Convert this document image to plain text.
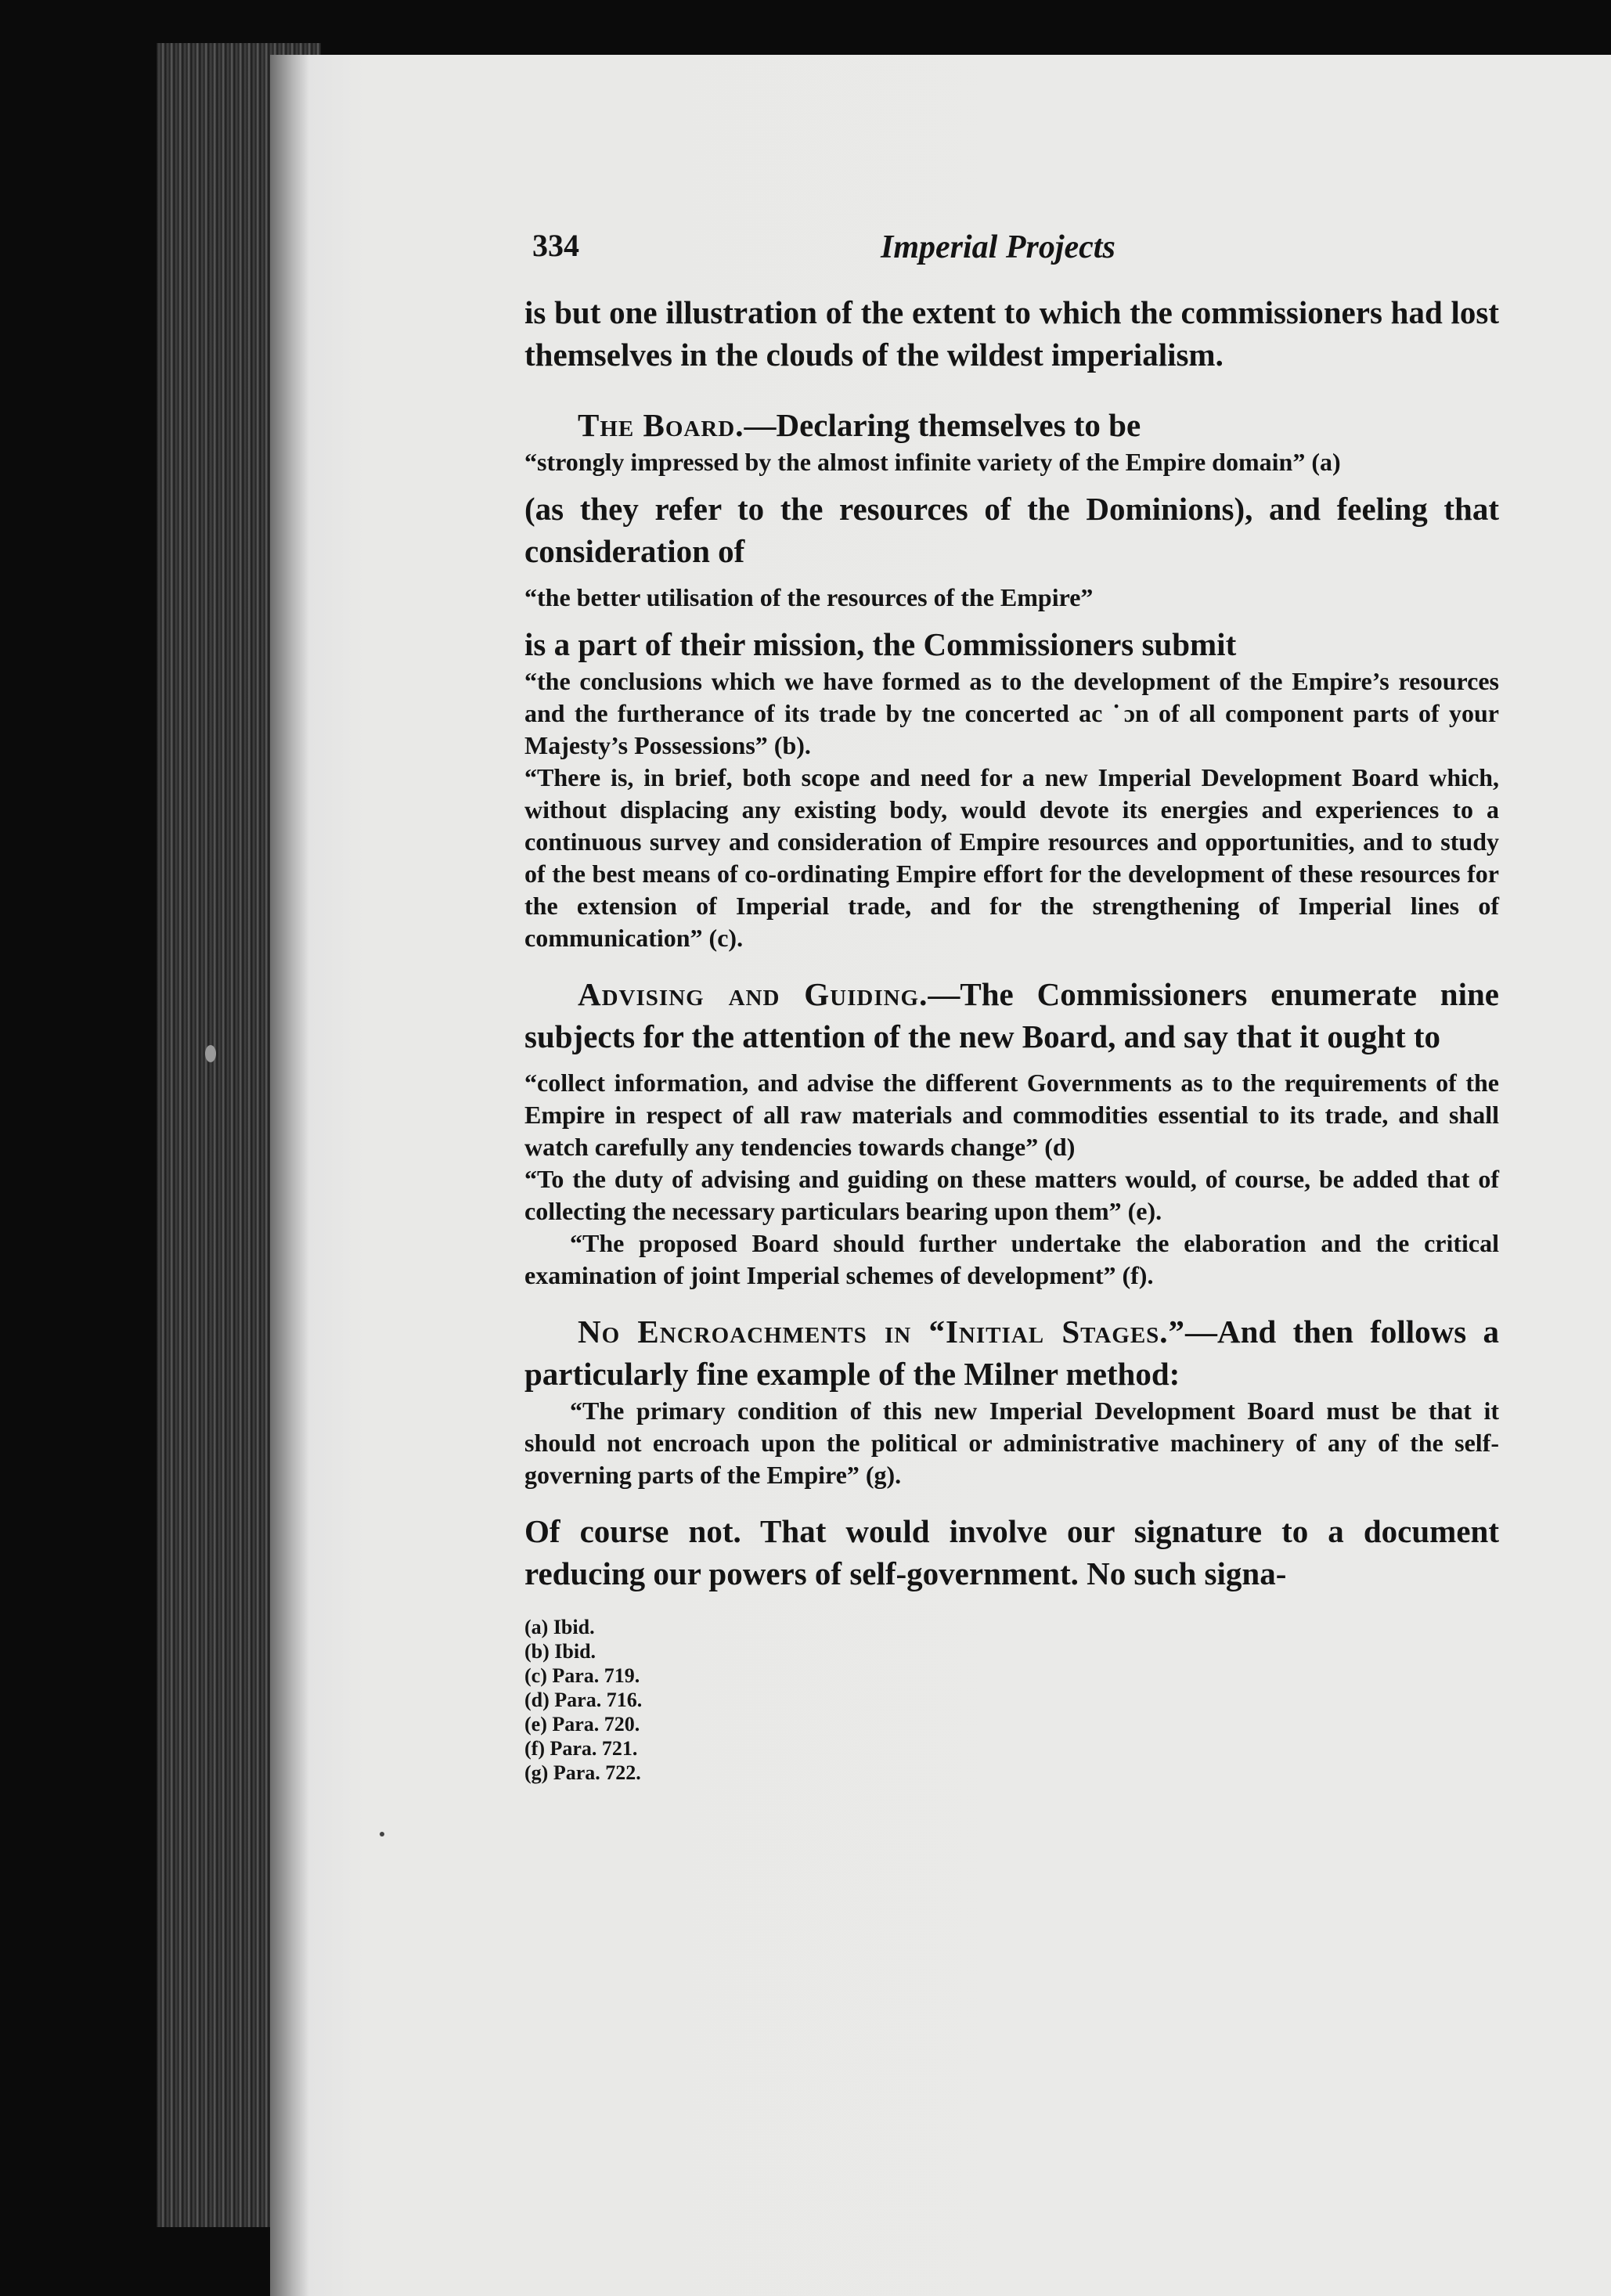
334	Imperial Projects

is but one illustration of the extent to which the commissioners had lost themselves in the clouds of the wildest imperialism.

The Board.—Declaring themselves to be

“strongly impressed by the almost infinite variety of the Empire domain” (a)

(as they refer to the resources of the Dominions), and feeling that consideration of

“the better utilisation of the resources of the Empire”

is a part of their mission, the Commissioners submit

“the conclusions which we have formed as to the development of the Empire’s resources and the furtherance of its trade by tne concerted ac ˙ɔn of all component parts of your Majesty’s Possessions” (b).

“There is, in brief, both scope and need for a new Imperial Development Board which, without displacing any existing body, would devote its energies and experiences to a continuous survey and consideration of Empire resources and opportunities, and to study of the best means of co-ordinating Empire effort for the development of these resources for the extension of Imperial trade, and for the strengthening of Imperial lines of communication” (c).

Advising and Guiding.—The Commissioners enumerate nine subjects for the attention of the new Board, and say that it ought to

“collect information, and advise the different Governments as to the requirements of the Empire in respect of all raw materials and commodities essential to its trade, and shall watch carefully any tendencies towards change” (d)

“To the duty of advising and guiding on these matters would, of course, be added that of collecting the necessary particulars bearing upon them” (e).

“The proposed Board should further undertake the elaboration and the critical examination of joint Imperial schemes of development” (f).

No Encroachments in “Initial Stages.”—And then follows a particularly fine example of the Milner method:

“The primary condition of this new Imperial Development Board must be that it should not encroach upon the political or administrative machinery of any of the self-governing parts of the Empire” (g).

Of course not. That would involve our signature to a document reducing our powers of self-government. No such signa-

(a) Ibid.
(b) Ibid.
(c) Para. 719.
(d) Para. 716.
(e) Para. 720.
(f) Para. 721.
(g) Para. 722.
